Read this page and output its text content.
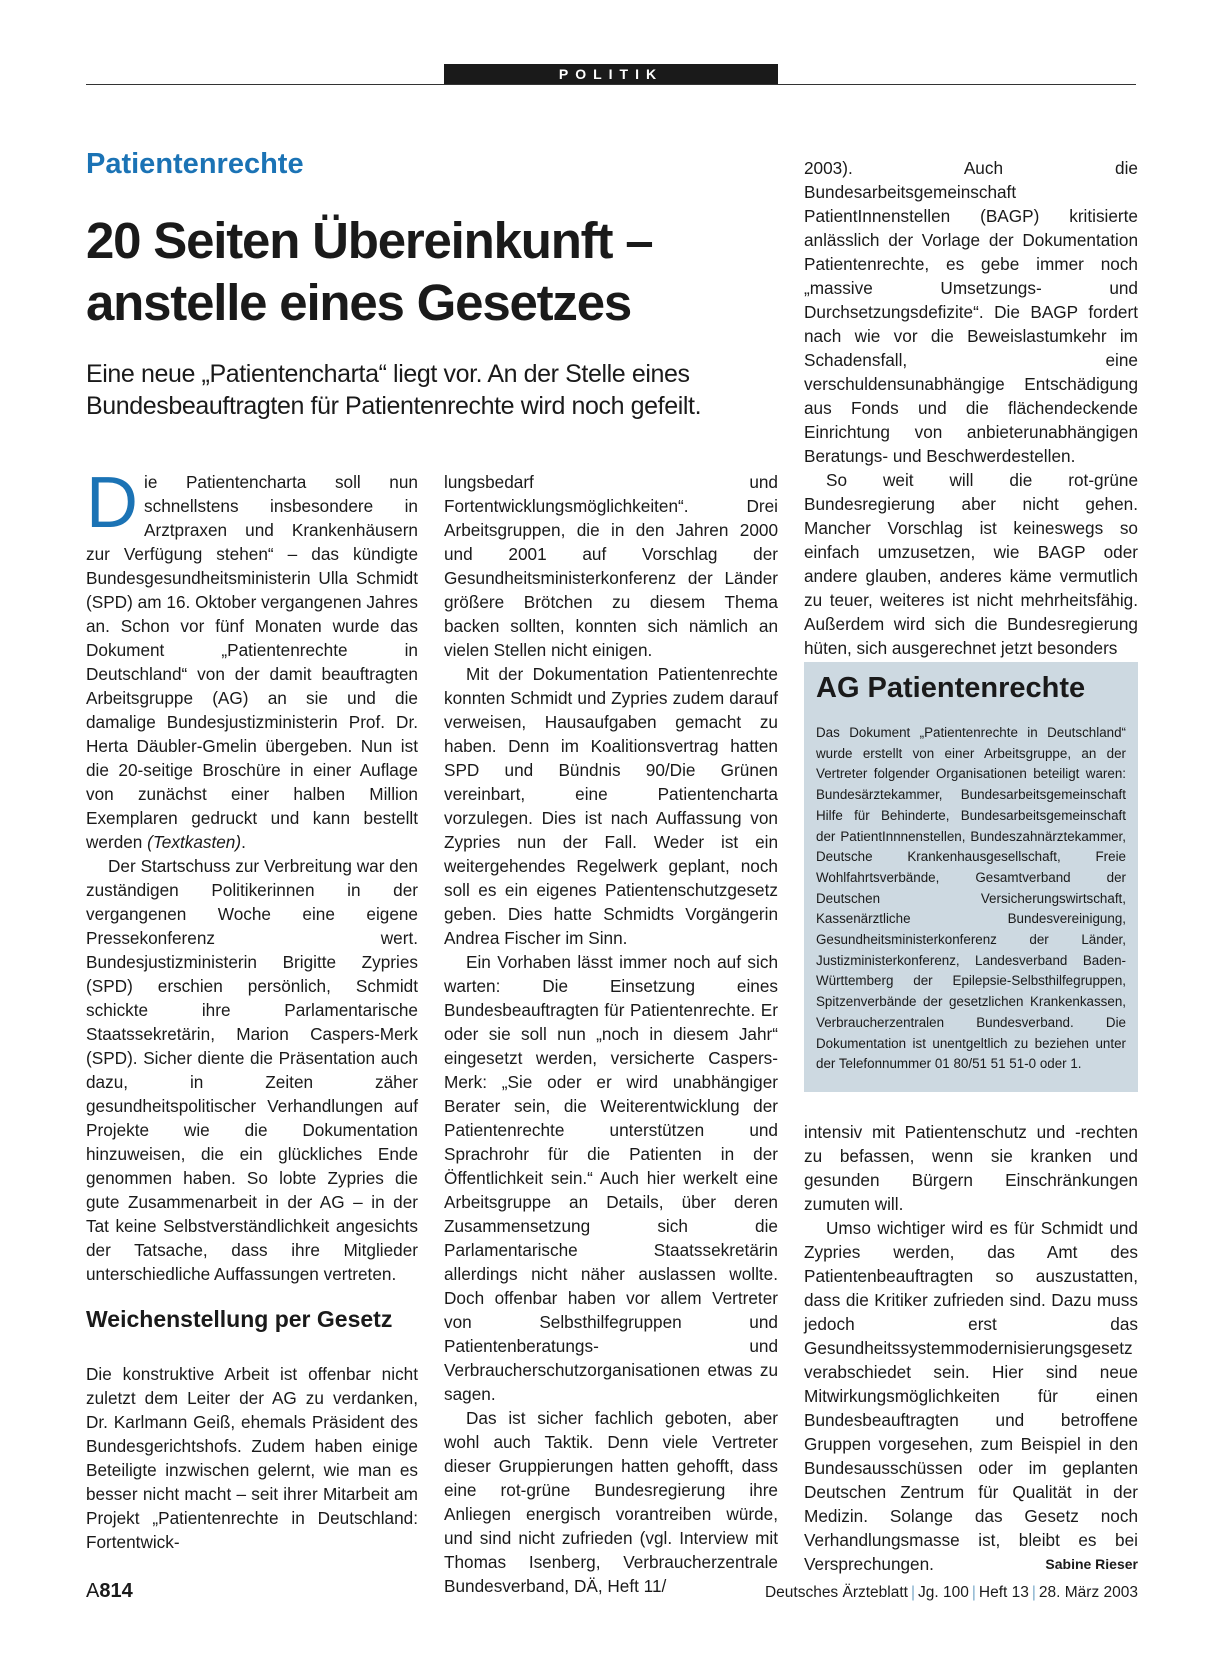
POLITIK
Patientenrechte
20 Seiten Übereinkunft –
anstelle eines Gesetzes
Eine neue „Patientencharta“ liegt vor. An der Stelle eines Bundesbeauftragten für Patientenrechte wird noch gefeilt.

Die Patientencharta soll nun schnellstens insbesondere in Arztpraxen und Krankenhäusern zur Verfügung stehen“ – das kündigte Bundesgesundheitsministerin Ulla Schmidt (SPD) am 16. Oktober vergangenen Jahres an. Schon vor fünf Monaten wurde das Dokument „Patientenrechte in Deutschland“ von der damit beauftragten Arbeitsgruppe (AG) an sie und die damalige Bundesjustizministerin Prof. Dr. Herta Däubler-Gmelin übergeben. Nun ist die 20-seitige Broschüre in einer Auflage von zunächst einer halben Million Exemplaren gedruckt und kann bestellt werden (Textkasten).

Der Startschuss zur Verbreitung war den zuständigen Politikerinnen in der vergangenen Woche eine eigene Pressekonferenz wert. Bundesjustizministerin Brigitte Zypries (SPD) erschien persönlich, Schmidt schickte ihre Parlamentarische Staatssekretärin, Marion Caspers-Merk (SPD). Sicher diente die Präsentation auch dazu, in Zeiten zäher gesundheitspolitischer Verhandlungen auf Projekte wie die Dokumentation hinzuweisen, die ein glückliches Ende genommen haben. So lobte Zypries die gute Zusammenarbeit in der AG – in der Tat keine Selbstverständlichkeit angesichts der Tatsache, dass ihre Mitglieder unterschiedliche Auffassungen vertreten.

Weichenstellung per Gesetz

Die konstruktive Arbeit ist offenbar nicht zuletzt dem Leiter der AG zu verdanken, Dr. Karlmann Geiß, ehemals Präsident des Bundesgerichtshofs. Zudem haben einige Beteiligte inzwischen gelernt, wie man es besser nicht macht – seit ihrer Mitarbeit am Projekt „Patientenrechte in Deutschland: Fortentwick-

lungsbedarf und Fortentwicklungsmöglichkeiten“. Drei Arbeitsgruppen, die in den Jahren 2000 und 2001 auf Vorschlag der Gesundheitsministerkonferenz der Länder größere Brötchen zu diesem Thema backen sollten, konnten sich nämlich an vielen Stellen nicht einigen.

Mit der Dokumentation Patientenrechte konnten Schmidt und Zypries zudem darauf verweisen, Hausaufgaben gemacht zu haben. Denn im Koalitionsvertrag hatten SPD und Bündnis 90/Die Grünen vereinbart, eine Patientencharta vorzulegen. Dies ist nach Auffassung von Zypries nun der Fall. Weder ist ein weitergehendes Regelwerk geplant, noch soll es ein eigenes Patientenschutzgesetz geben. Dies hatte Schmidts Vorgängerin Andrea Fischer im Sinn.

Ein Vorhaben lässt immer noch auf sich warten: Die Einsetzung eines Bundesbeauftragten für Patientenrechte. Er oder sie soll nun „noch in diesem Jahr“ eingesetzt werden, versicherte Caspers-Merk: „Sie oder er wird unabhängiger Berater sein, die Weiterentwicklung der Patientenrechte unterstützen und Sprachrohr für die Patienten in der Öffentlichkeit sein.“ Auch hier werkelt eine Arbeitsgruppe an Details, über deren Zusammensetzung sich die Parlamentarische Staatssekretärin allerdings nicht näher auslassen wollte. Doch offenbar haben vor allem Vertreter von Selbsthilfegruppen und Patientenberatungs- und Verbraucherschutzorganisationen etwas zu sagen.

Das ist sicher fachlich geboten, aber wohl auch Taktik. Denn viele Vertreter dieser Gruppierungen hatten gehofft, dass eine rot-grüne Bundesregierung ihre Anliegen energisch vorantreiben würde, und sind nicht zufrieden (vgl. Interview mit Thomas Isenberg, Verbraucherzentrale Bundesverband, DÄ, Heft 11/

2003). Auch die Bundesarbeitsgemeinschaft PatientInnenstellen (BAGP) kritisierte anlässlich der Vorlage der Dokumentation Patientenrechte, es gebe immer noch „massive Umsetzungs- und Durchsetzungsdefizite“. Die BAGP fordert nach wie vor die Beweislastumkehr im Schadensfall, eine verschuldensunabhängige Entschädigung aus Fonds und die flächendeckende Einrichtung von anbieterunabhängigen Beratungs- und Beschwerdestellen.

So weit will die rot-grüne Bundesregierung aber nicht gehen. Mancher Vorschlag ist keineswegs so einfach umzusetzen, wie BAGP oder andere glauben, anderes käme vermutlich zu teuer, weiteres ist nicht mehrheitsfähig. Außerdem wird sich die Bundesregierung hüten, sich ausgerechnet jetzt besonders

AG Patientenrechte
Das Dokument „Patientenrechte in Deutschland“ wurde erstellt von einer Arbeitsgruppe, an der Vertreter folgender Organisationen beteiligt waren: Bundesärztekammer, Bundesarbeitsgemeinschaft Hilfe für Behinderte, Bundesarbeitsgemeinschaft der PatientInnnenstellen, Bundeszahnärztekammer, Deutsche Krankenhausgesellschaft, Freie Wohlfahrtsverbände, Gesamtverband der Deutschen Versicherungswirtschaft, Kassenärztliche Bundesvereinigung, Gesundheitsministerkonferenz der Länder, Justizministerkonferenz, Landesverband Baden-Württemberg der Epilepsie-Selbsthilfegruppen, Spitzenverbände der gesetzlichen Krankenkassen, Verbraucherzentralen Bundesverband. Die Dokumentation ist unentgeltlich zu beziehen unter der Telefonnummer 01 80/51 51 51-0 oder 1.

intensiv mit Patientenschutz und -rechten zu befassen, wenn sie kranken und gesunden Bürgern Einschränkungen zumuten will.

Umso wichtiger wird es für Schmidt und Zypries werden, das Amt des Patientenbeauftragten so auszustatten, dass die Kritiker zufrieden sind. Dazu muss jedoch erst das Gesundheitssystemmodernisierungsgesetz verabschiedet sein. Hier sind neue Mitwirkungsmöglichkeiten für einen Bundesbeauftragten und betroffene Gruppen vorgesehen, zum Beispiel in den Bundesausschüssen oder im geplanten Deutschen Zentrum für Qualität in der Medizin. Solange das Gesetz noch Verhandlungsmasse ist, bleibt es bei Versprechungen.	Sabine Rieser

A814	Deutsches Ärzteblatt | Jg. 100 | Heft 13 | 28. März 2003
